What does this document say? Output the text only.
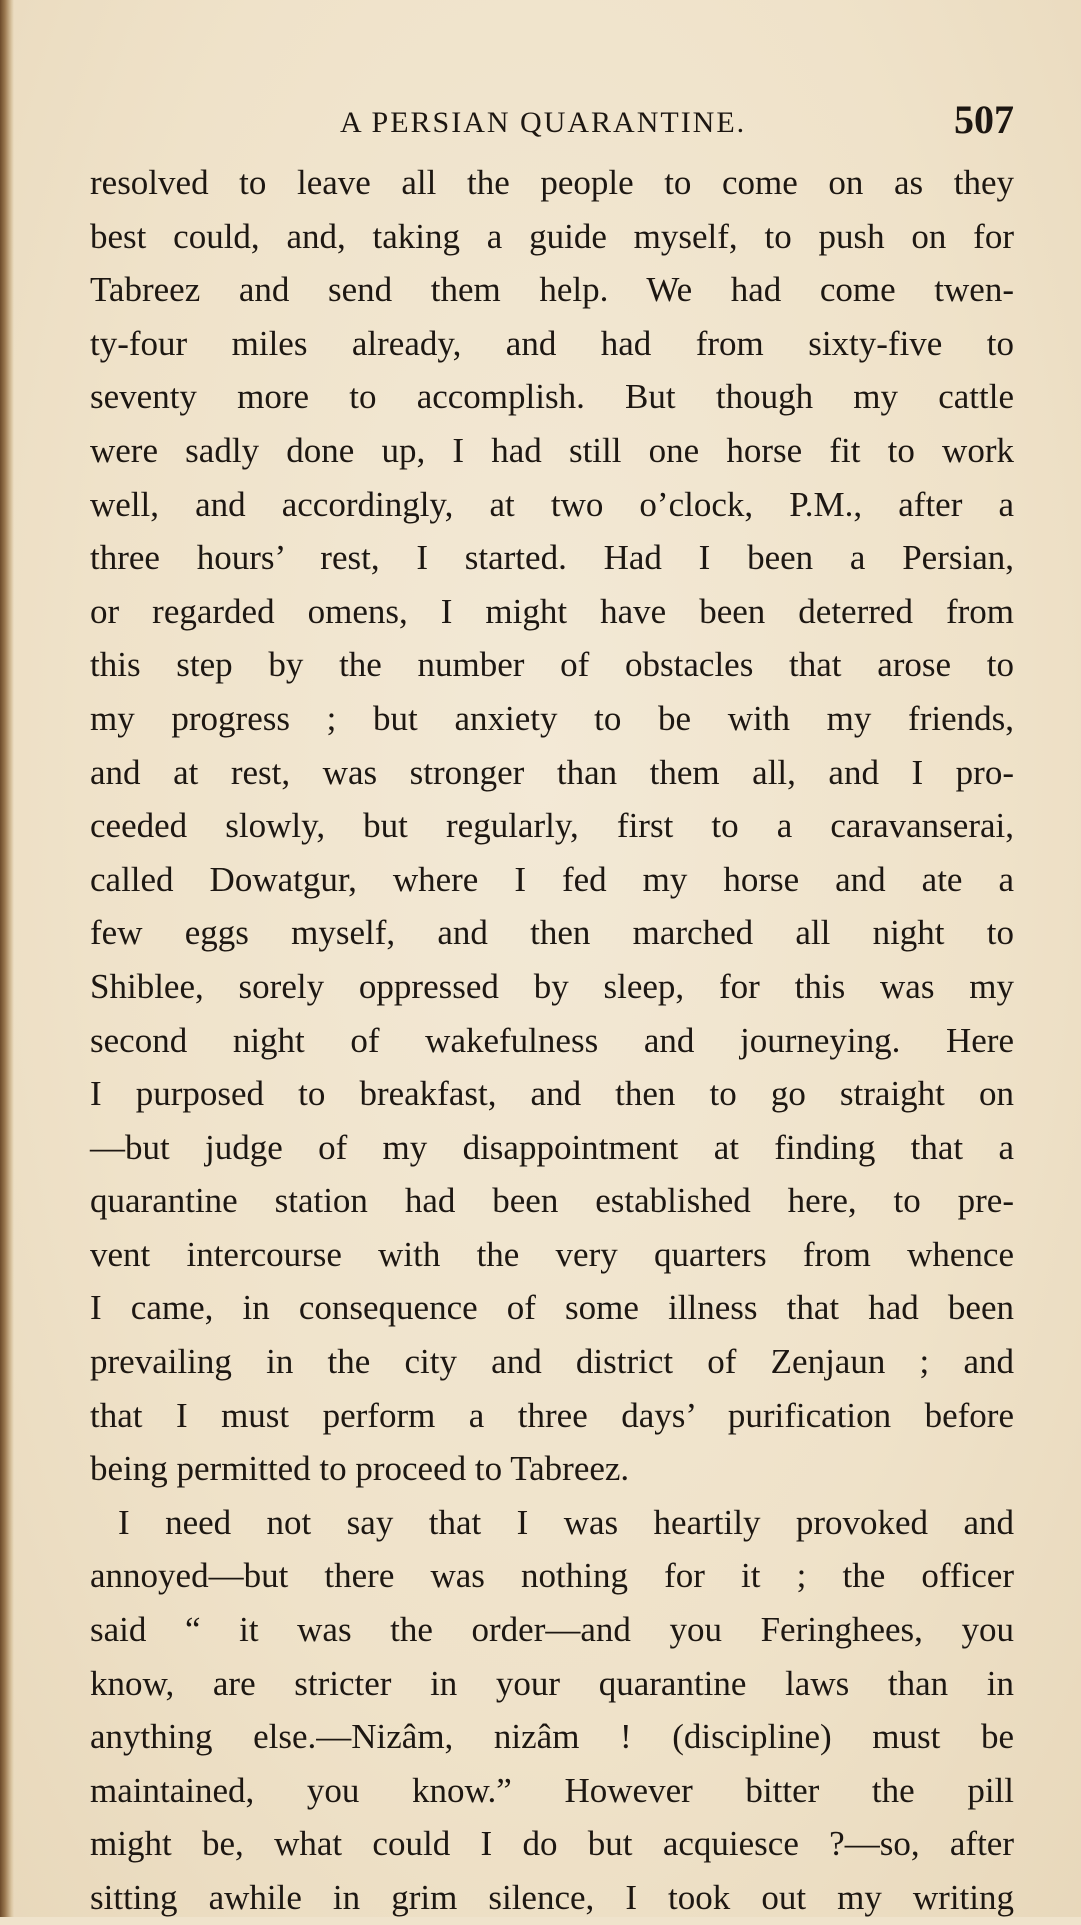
A PERSIAN QUARANTINE.	507
resolved to leave all the people to come on as they
best could, and, taking a guide myself, to push on for
Tabreez and send them help. We had come twen-
ty-four miles already, and had from sixty-five to
seventy more to accomplish. But though my cattle
were sadly done up, I had still one horse fit to work
well, and accordingly, at two o’clock, P.M., after a
three hours’ rest, I started. Had I been a Persian,
or regarded omens, I might have been deterred from
this step by the number of obstacles that arose to
my progress ; but anxiety to be with my friends,
and at rest, was stronger than them all, and I pro-
ceeded slowly, but regularly, first to a caravanserai,
called Dowatgur, where I fed my horse and ate a
few eggs myself, and then marched all night to
Shiblee, sorely oppressed by sleep, for this was my
second night of wakefulness and journeying. Here
I purposed to breakfast, and then to go straight on
—but judge of my disappointment at finding that a
quarantine station had been established here, to pre-
vent intercourse with the very quarters from whence
I came, in consequence of some illness that had been
prevailing in the city and district of Zenjaun ; and
that I must perform a three days’ purification before
being permitted to proceed to Tabreez.
I need not say that I was heartily provoked and
annoyed—but there was nothing for it ; the officer
said “ it was the order—and you Feringhees, you
know, are stricter in your quarantine laws than in
anything else.—Nizâm, nizâm ! (discipline) must be
maintained, you know.” However bitter the pill
might be, what could I do but acquiesce ?—so, after
sitting awhile in grim silence, I took out my writing
